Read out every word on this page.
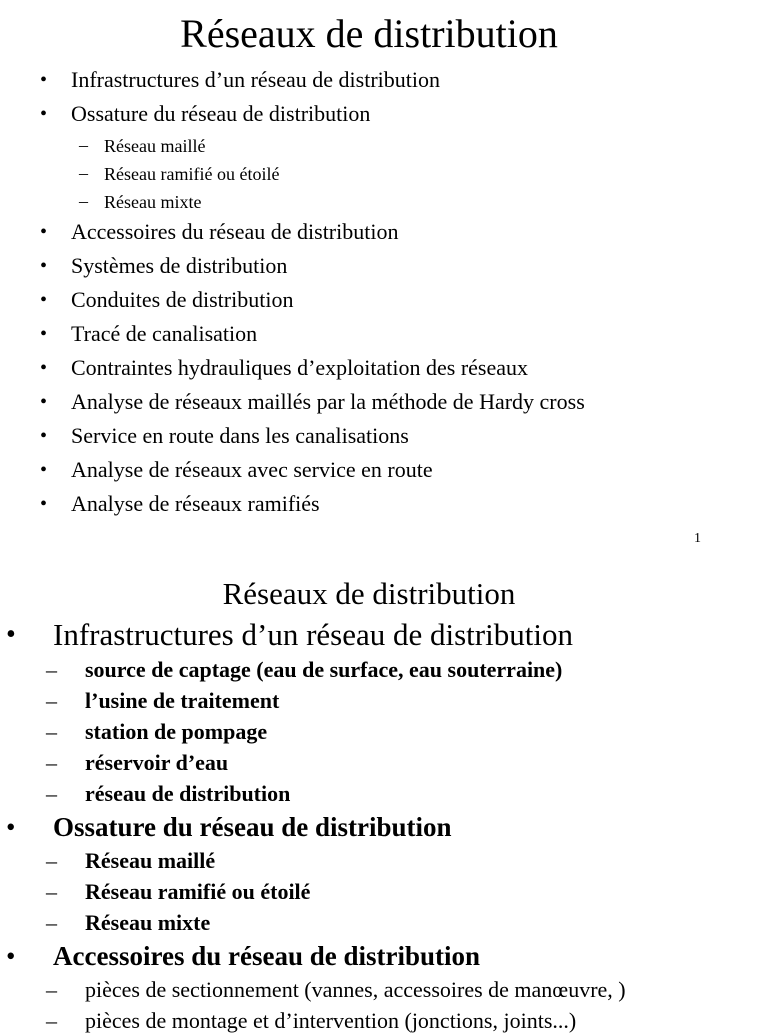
Réseaux de distribution
• Infrastructures d’un réseau de distribution
• Ossature du réseau de distribution
– Réseau maillé
– Réseau ramifié ou étoilé
– Réseau mixte
• Accessoires du réseau de distribution
• Systèmes de distribution
• Conduites de distribution
• Tracé de canalisation
• Contraintes hydrauliques d’exploitation des réseaux
• Analyse de réseaux maillés par la méthode de Hardy cross
• Service en route dans les canalisations
• Analyse de réseaux avec service en route
• Analyse de réseaux ramifiés
1
Réseaux de distribution
• Infrastructures d’un réseau de distribution
– source de captage (eau de surface, eau souterraine)
– l’usine de traitement
– station de pompage
– réservoir d’eau
– réseau de distribution
• Ossature du réseau de distribution
– Réseau maillé
– Réseau ramifié ou étoilé
– Réseau mixte
• Accessoires du réseau de distribution
– pièces de sectionnement (vannes, accessoires de manœuvre, )
– pièces de montage et d’intervention (jonctions, joints...)
